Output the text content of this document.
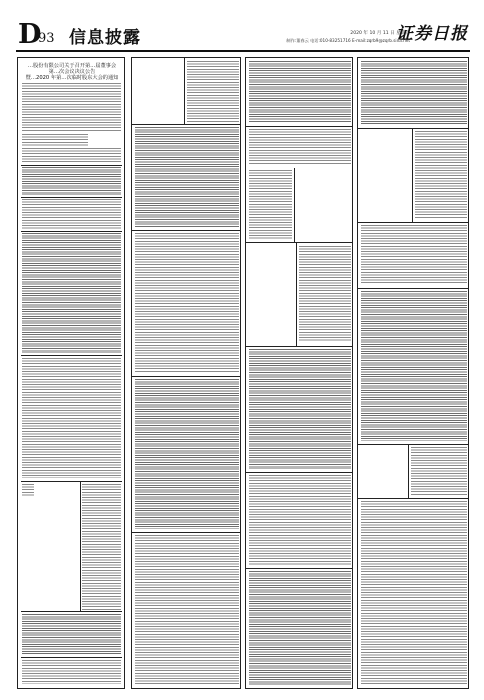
D
93 信息披露	2020 年 10 月 11 日 星期四
制作:董春云 电话:010-83251716 E-mail:zqrb9@zqrb.sina.net
证券日报
…股份有限公司关于召开第…届董事会
第…次会议决议公告
暨…2020 年第…次临时股东大会的通知
